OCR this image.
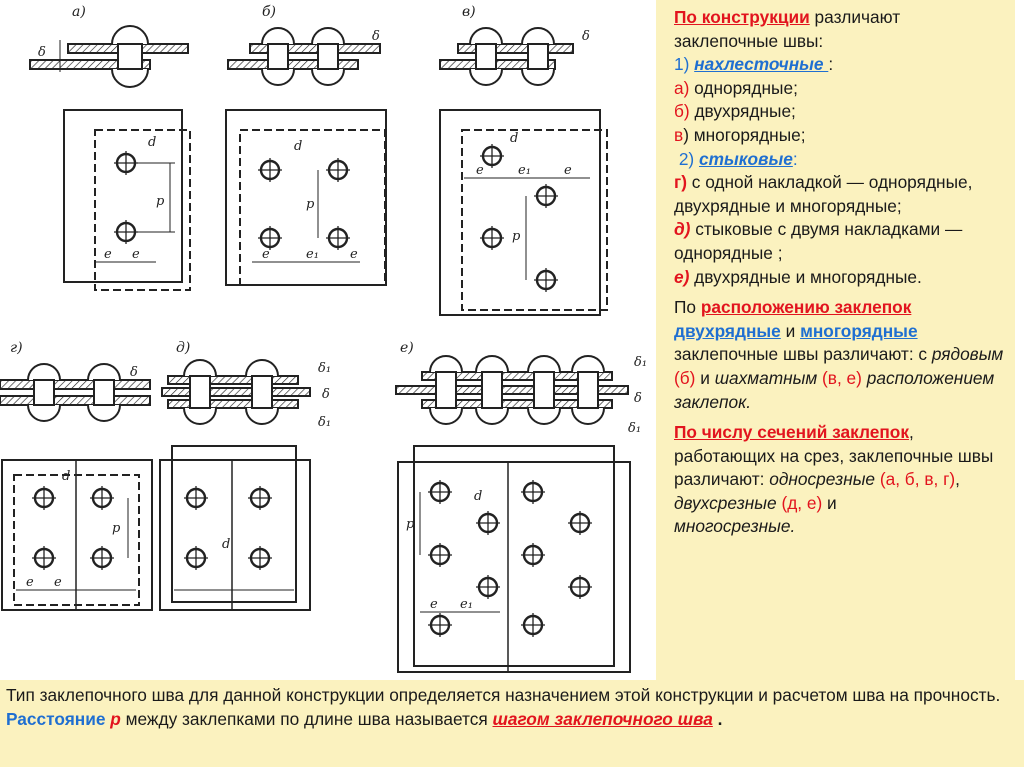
а)
δ
p
d
e e
б)
δ
p
d
e	e₁ e
в)
δ
p
d
e	e₁	e
г)
δ
p
d
e e
д)
δ₁
δ
δ₁
d
е)
δ₁
δ
δ₁
p
d
e e₁

По конструкции различают заклепочные швы:
1) нахлесточные :
а) однорядные;
б) двухрядные;
в) многорядные;
2) стыковые:
г) с одной накладкой — однорядные, двухрядные и многорядные;
д) стыковые с двумя накладками — однорядные ;
е) двухрядные и многорядные.

По расположению заклепок двухрядные и многорядные заклепочные швы различают: с рядовым (б) и шахматным (в, е) расположением заклепок.

По числу сечений заклепок, работающих на срез, заклепочные швы различают: односрезные (а, б, в, г),
двухсрезные (д, е) и
многосрезные.

Тип заклепочного шва для данной конструкции определяется назначением этой конструкции и расчетом шва на прочность.

Расстояние р между заклепками по длине шва называется шагом заклепочного шва .
